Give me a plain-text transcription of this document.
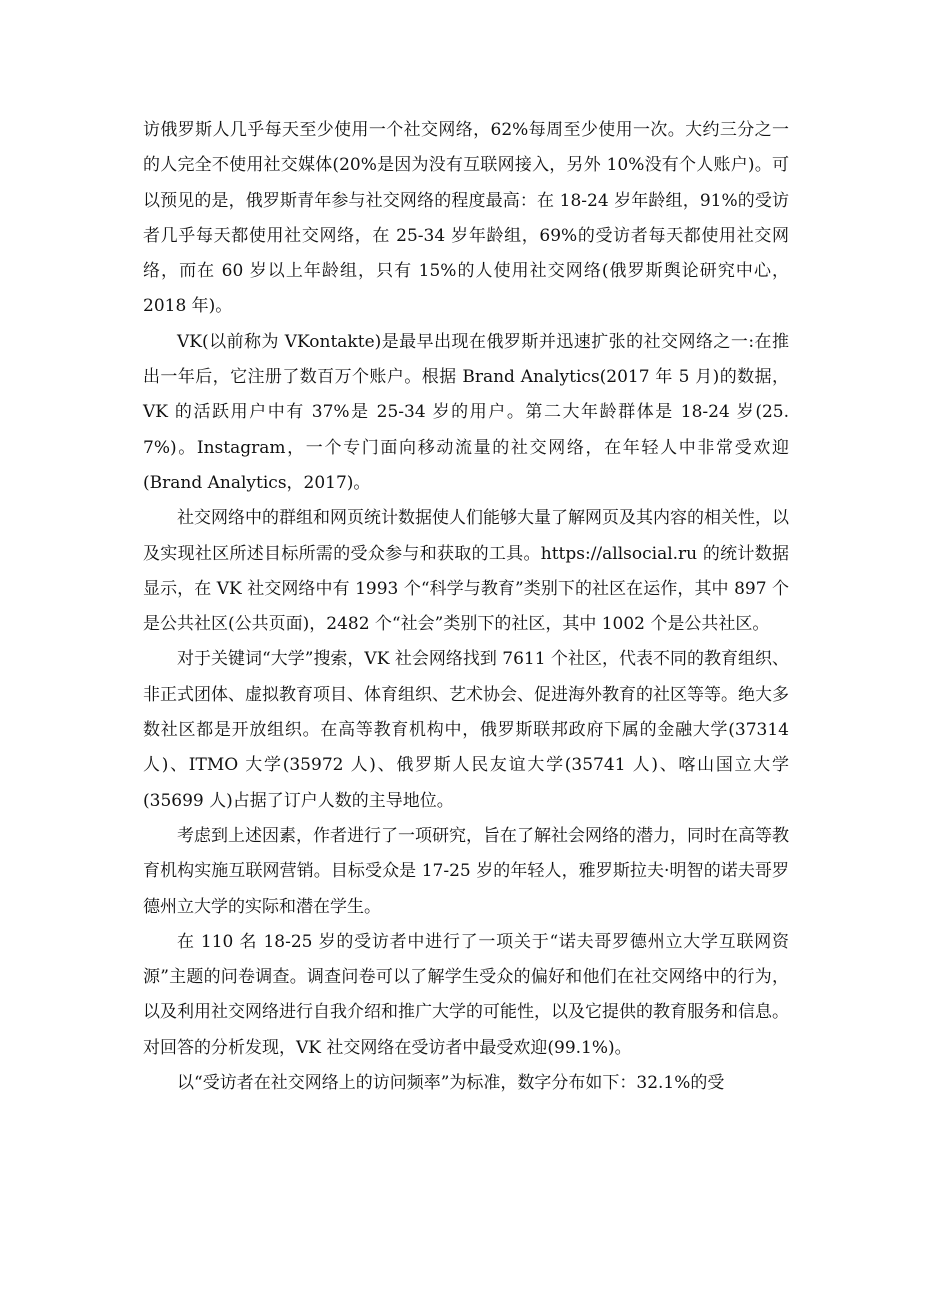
访俄罗斯人几乎每天至少使用一个社交网络，62%每周至少使用一次。大约三分之一的人完全不使用社交媒体(20%是因为没有互联网接入，另外 10%没有个人账户)。可以预见的是，俄罗斯青年参与社交网络的程度最高：在 18-24 岁年龄组，91%的受访者几乎每天都使用社交网络，在 25-34 岁年龄组，69%的受访者每天都使用社交网络，而在 60 岁以上年龄组，只有 15%的人使用社交网络(俄罗斯舆论研究中心，2018 年)。

VK(以前称为 VKontakte)是最早出现在俄罗斯并迅速扩张的社交网络之一:在推出一年后，它注册了数百万个账户。根据 Brand Analytics(2017 年 5 月)的数据，VK 的活跃用户中有 37%是 25-34 岁的用户。第二大年龄群体是 18-24 岁(25. 7%)。Instagram，一个专门面向移动流量的社交网络，在年轻人中非常受欢迎(Brand Analytics，2017)。

社交网络中的群组和网页统计数据使人们能够大量了解网页及其内容的相关性，以及实现社区所述目标所需的受众参与和获取的工具。https://allsocial.ru 的统计数据显示，在 VK 社交网络中有 1993 个“科学与教育”类别下的社区在运作，其中 897 个是公共社区(公共页面)，2482 个“社会”类别下的社区，其中 1002 个是公共社区。

对于关键词“大学”搜索，VK 社会网络找到 7611 个社区，代表不同的教育组织、非正式团体、虚拟教育项目、体育组织、艺术协会、促进海外教育的社区等等。绝大多数社区都是开放组织。在高等教育机构中，俄罗斯联邦政府下属的金融大学(37314 人)、ITMO 大学(35972 人)、俄罗斯人民友谊大学(35741 人)、喀山国立大学(35699 人)占据了订户人数的主导地位。

考虑到上述因素，作者进行了一项研究，旨在了解社会网络的潜力，同时在高等教育机构实施互联网营销。目标受众是 17-25 岁的年轻人，雅罗斯拉夫·明智的诺夫哥罗德州立大学的实际和潜在学生。

在 110 名 18-25 岁的受访者中进行了一项关于“诺夫哥罗德州立大学互联网资源”主题的问卷调查。调查问卷可以了解学生受众的偏好和他们在社交网络中的行为，以及利用社交网络进行自我介绍和推广大学的可能性，以及它提供的教育服务和信息。对回答的分析发现，VK 社交网络在受访者中最受欢迎(99.1%)。

以“受访者在社交网络上的访问频率”为标准，数字分布如下：32.1%的受
